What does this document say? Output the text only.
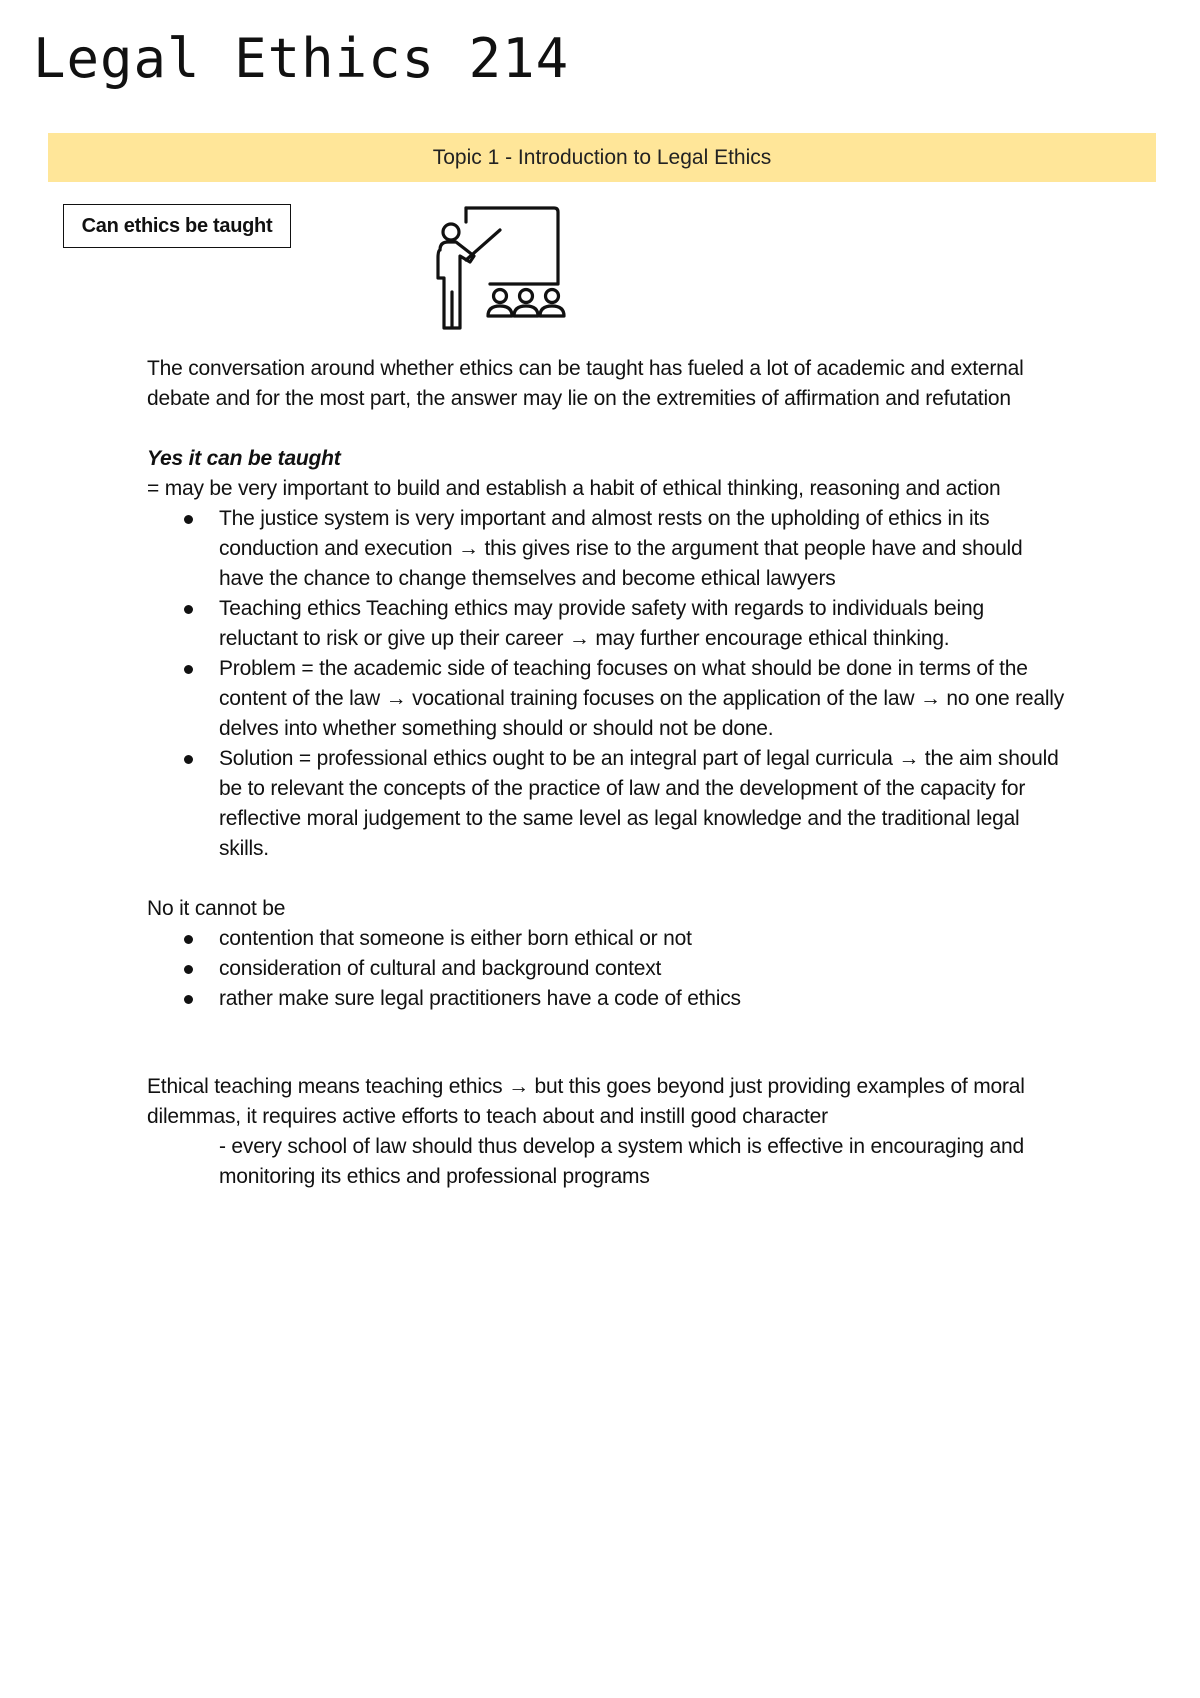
Legal Ethics 214
Topic 1 - Introduction to Legal Ethics
Can ethics be taught

The conversation around whether ethics can be taught has fueled a lot of academic and external debate and for the most part, the answer may lie on the extremities of affirmation and refutation

Yes it can be taught

= may be very important to build and establish a habit of ethical thinking, reasoning and action

The justice system is very important and almost rests on the upholding of ethics in its conduction and execution → this gives rise to the argument that people have and should have the chance to change themselves and become ethical lawyers
Teaching ethics Teaching ethics may provide safety with regards to individuals being reluctant to risk or give up their career → may further encourage ethical thinking.
Problem = the academic side of teaching focuses on what should be done in terms of the content of the law → vocational training focuses on the application of the law → no one really delves into whether something should or should not be done.
Solution = professional ethics ought to be an integral part of legal curricula → the aim should be to relevant the concepts of the practice of law and the development of the capacity for reflective moral judgement to the same level as legal knowledge and the traditional legal skills.

No it cannot be

contention that someone is either born ethical or not
consideration of cultural and background context
rather make sure legal practitioners have a code of ethics

Ethical teaching means teaching ethics → but this goes beyond just providing examples of moral dilemmas, it requires active efforts to teach about and instill good character

- every school of law should thus develop a system which is effective in encouraging and monitoring its ethics and professional programs
